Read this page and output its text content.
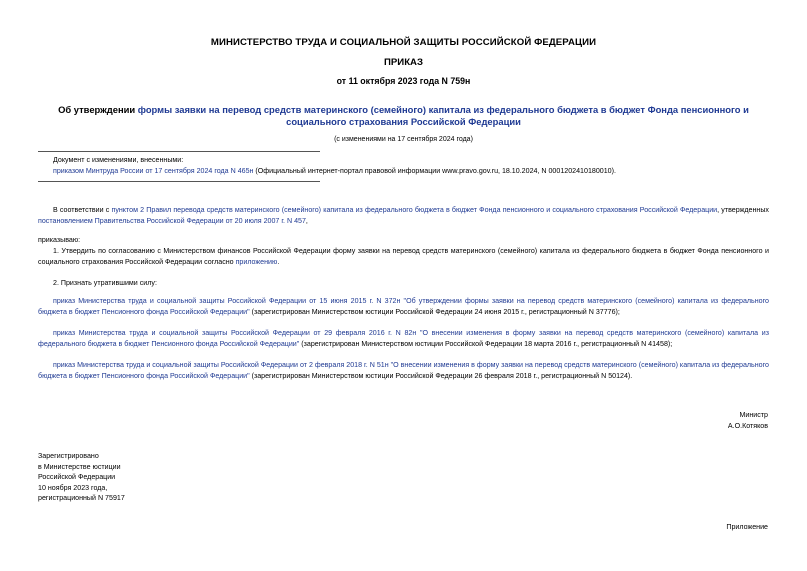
МИНИСТЕРСТВО ТРУДА И СОЦИАЛЬНОЙ ЗАЩИТЫ РОССИЙСКОЙ ФЕДЕРАЦИИ
ПРИКАЗ
от 11 октября 2023 года N 759н
Об утверждении формы заявки на перевод средств материнского (семейного) капитала из федерального бюджета в бюджет Фонда пенсионного и социального страхования Российской Федерации
(с изменениями на 17 сентября 2024 года)
Документ с изменениями, внесенными:
приказом Минтруда России от 17 сентября 2024 года N 465н (Официальный интернет-портал правовой информации www.pravo.gov.ru, 18.10.2024, N 0001202410180010).
В соответствии с пунктом 2 Правил перевода средств материнского (семейного) капитала из федерального бюджета в бюджет Фонда пенсионного и социального страхования Российской Федерации, утвержденных постановлением Правительства Российской Федерации от 20 июля 2007 г. N 457,
приказываю:
1. Утвердить по согласованию с Министерством финансов Российской Федерации форму заявки на перевод средств материнского (семейного) капитала из федерального бюджета в бюджет Фонда пенсионного и социального страхования Российской Федерации согласно приложению.
2. Признать утратившими силу:
приказ Министерства труда и социальной защиты Российской Федерации от 15 июня 2015 г. N 372н "Об утверждении формы заявки на перевод средств материнского (семейного) капитала из федерального бюджета в бюджет Пенсионного фонда Российской Федерации" (зарегистрирован Министерством юстиции Российской Федерации 24 июня 2015 г., регистрационный N 37776);
приказ Министерства труда и социальной защиты Российской Федерации от 29 февраля 2016 г. N 82н "О внесении изменения в форму заявки на перевод средств материнского (семейного) капитала из федерального бюджета в бюджет Пенсионного фонда Российской Федерации" (зарегистрирован Министерством юстиции Российской Федерации 18 марта 2016 г., регистрационный N 41458);
приказ Министерства труда и социальной защиты Российской Федерации от 2 февраля 2018 г. N 51н "О внесении изменения в форму заявки на перевод средств материнского (семейного) капитала из федерального бюджета в бюджет Пенсионного фонда Российской Федерации" (зарегистрирован Министерством юстиции Российской Федерации 26 февраля 2018 г., регистрационный N 50124).
Министр
А.О.Котяков
Зарегистрировано
в Министерстве юстиции
Российской Федерации
10 ноября 2023 года,
регистрационный N 75917
Приложение
